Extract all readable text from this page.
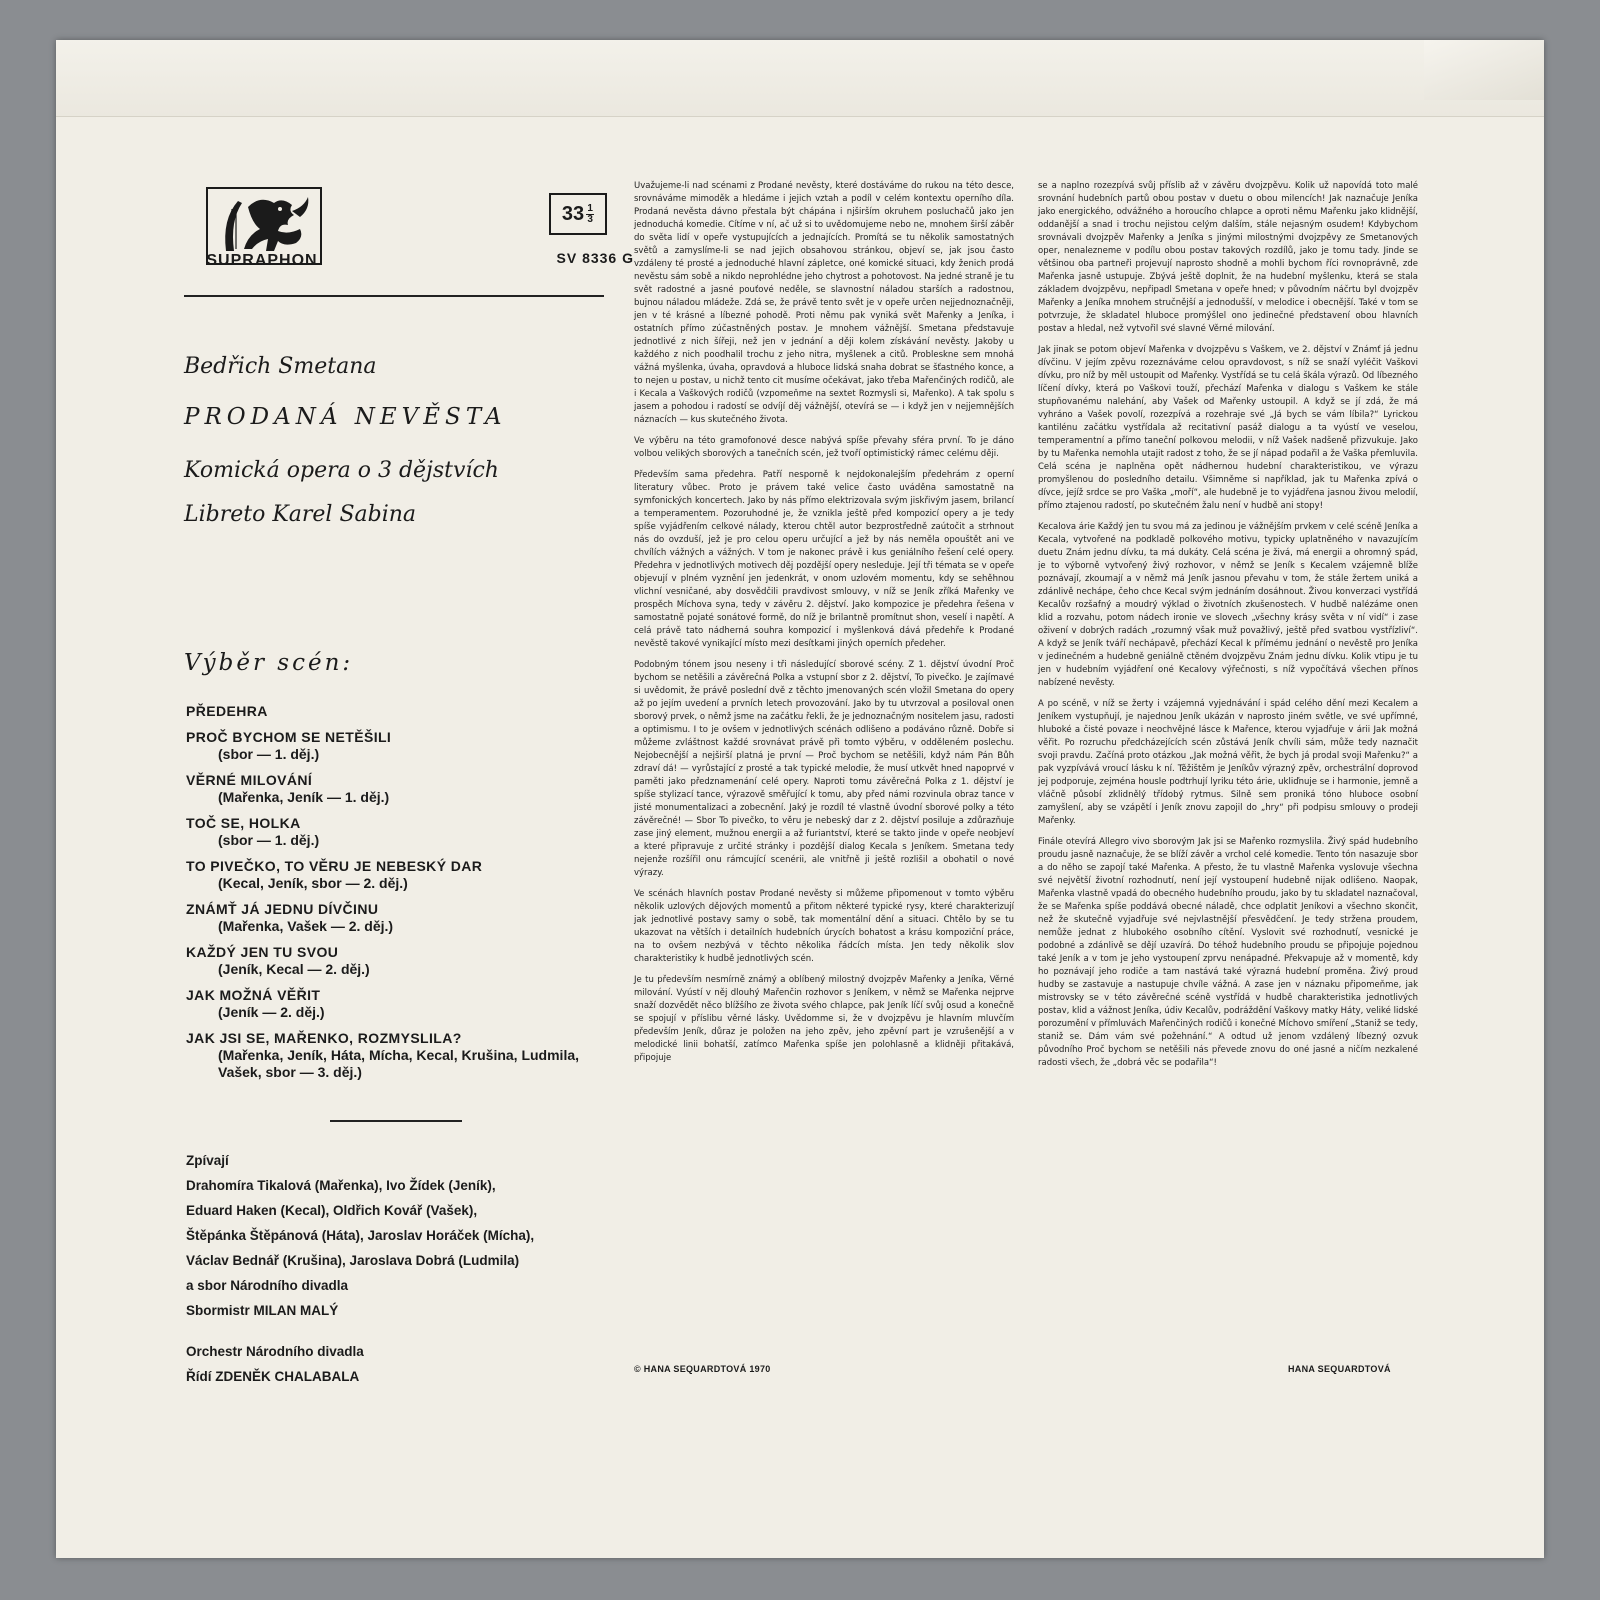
SUPRAPHON
$33 \frac{1}{3}$
SV 8336 G
Bedřich Smetana
PRODANÁ NEVĚSTA
Komická opera o 3 dějstvích
Libreto Karel Sabina
Výběr scén:
PŘEDEHRA
PROČ BYCHOM SE NETĚŠILI
(sbor — 1. děj.)
VĚRNÉ MILOVÁNÍ
(Mařenka, Jeník — 1. děj.)
TOČ SE, HOLKA
(sbor — 1. děj.)
TO PIVEČKO, TO VĚRU JE NEBESKÝ DAR
(Kecal, Jeník, sbor — 2. děj.)
ZNÁMŤ JÁ JEDNU DÍVČINU
(Mařenka, Vašek — 2. děj.)
KAŽDÝ JEN TU SVOU
(Jeník, Kecal — 2. děj.)
JAK MOŽNÁ VĚŘIT
(Jeník — 2. děj.)
JAK JSI SE, MAŘENKO, ROZMYSLILA?
(Mařenka, Jeník, Háta, Mícha, Kecal, Krušina, Ludmila, Vašek, sbor — 3. děj.)
Zpívají
Drahomíra Tikalová (Mařenka), Ivo Žídek (Jeník),
Eduard Haken (Kecal), Oldřich Kovář (Vašek),
Štěpánka Štěpánová (Háta), Jaroslav Horáček (Mícha),
Václav Bednář (Krušina), Jaroslava Dobrá (Ludmila)
a sbor Národního divadla
Sbormistr MILAN MALÝ
Orchestr Národního divadla
Řídí ZDENĚK CHALABALA

Uvažujeme-li nad scénami z Prodané nevěsty, které dostáváme do rukou na této desce, srovnáváme mimoděk a hledáme i jejich vztah a podíl v celém kontextu operního díla. Prodaná nevěsta dávno přestala být chápána i njširším okruhem posluchačů jako jen jednoduchá komedie. Cítíme v ní, ač už si to uvědomujeme nebo ne, mnohem širší záběr do světa lidí v opeře vystupujících a jednajících. Promítá se tu několik samostatných světů a zamyslíme-li se nad jejich obsahovou stránkou, objeví se, jak jsou často vzdáleny té prosté a jednoduché hlavní zápletce, oné komické situaci, kdy ženich prodá nevěstu sám sobě a nikdo neprohlédne jeho chytrost a pohotovost. Na jedné straně je tu svět radostné a jasné pouťové neděle, se slavnostní náladou starších a radostnou, bujnou náladou mládeže. Zdá se, že právě tento svět je v opeře určen nejjednoznačněji, jen v té krásné a líbezné pohodě. Proti němu pak vyniká svět Mařenky a Jeníka, i ostatních přímo zúčastněných postav. Je mnohem vážnější. Smetana představuje jednotlivé z nich šířeji, než jen v jednání a ději kolem získávání nevěsty. Jakoby u každého z nich poodhalil trochu z jeho nitra, myšlenek a citů. Problesknе sem mnohá vážná myšlenka, úvaha, opravdová a hluboce lidská snaha dobrat se šťastného konce, a to nejen u postav, u nichž tento cit musíme očekávat, jako třeba Mařenčiných rodičů, ale i Kecala a Vaškových rodičů (vzpomeňme na sextet Rozmysli si, Mařenko). A tak spolu s jasem a pohodou i radostí se odvíjí děj vážnější, otevírá se — i když jen v nejjemnějších náznacích — kus skutečného života.

Ve výběru na této gramofonové desce nabývá spíše převahy sféra první. To je dáno volbou velikých sborových a tanečních scén, jež tvoří optimistický rámec celému ději.

Především sama předehra. Patří nesporně k nejdokonalejším předehrám z operní literatury vůbec. Proto je právem také velice často uváděna samostatně na symfonických koncertech. Jako by nás přímo elektrizovala svým jiskřivým jasem, brilancí a temperamentem. Pozoruhodné je, že vznikla ještě před kompozicí opery a je tedy spíše vyjádřením celkové nálady, kterou chtěl autor bezprostředně zaútočit a strhnout nás do ovzduší, jež je pro celou operu určující a jež by nás neměla opouštět ani ve chvílích vážných a vážných. V tom je nakonec právě i kus geniálního řešení celé opery. Předehra v jednotlivých motivech děj pozdější opery nesleduje. Její tři témata se v opeře objevují v plném vyznění jen jedenkrát, v onom uzlovém momentu, kdy se sehěhnou vlichní vesničané, aby dosvědčili pravdivost smlouvy, v níž se Jeník zříká Mařenky ve prospěch Míchova syna, tedy v závěru 2. dějství. Jako kompozice je předehra řešena v samostatně pojaté sonátové formě, do níž je brilantně promítnut shon, veselí i napětí. A celá právě tato nádherná souhra kompozicí i myšlenková dává předehře k Prodané nevěstě takové vynikající místo mezi desítkami jiných operních předeher.

Podobným tónem jsou neseny i tři následující sborové scény. Z 1. dějství úvodní Proč bychom se netěšili a závěrečná Polka a vstupní sbor z 2. dějství, To pivečko. Je zajímavé si uvědomit, že právě poslední dvě z těchto jmenovaných scén vložil Smetana do opery až po jejím uvedení a prvních letech provozování. Jako by tu utvrzoval a posiloval onen sborový prvek, o němž jsme na začátku řekli, že je jednoznačným nositelem jasu, radosti a optimismu. I to je ovšem v jednotlivých scénách odlišeno a podáváno různě. Dobře si můžeme zvláštnost každé srovnávat právě při tomto výběru, v odděleném poslechu. Nejobecnější a nejširší platná je první — Proč bychom se netěšili, když nám Pán Bůh zdraví dá! — vyrůstající z prosté a tak typické melodie, že musí utkvět hned napoprvé v paměti jako předznamenání celé opery. Naproti tomu závěrečná Polka z 1. dějství je spíše stylizací tance, výrazově směřující k tomu, aby před námi rozvinula obraz tance v jisté monumentalizaci a zobecnění. Jaký je rozdíl té vlastně úvodní sborové polky a této závěrečné! — Sbor To pivečko, to věru je nebeský dar z 2. dějství posiluje a zdůrazňuje zase jiný element, mužnou energii a až furiantství, které se takto jinde v opeře neobjeví a které připravuje z určité stránky i pozdější dialog Kecala s Jeníkem. Smetana tedy nejenže rozšířil onu rámcující scenérii, ale vnitřně ji ještě rozlišil a obohatil o nové výrazy.

Ve scénách hlavních postav Prodané nevěsty si můžeme připomenout v tomto výběru několik uzlových dějových momentů a přitom některé typické rysy, které charakterizují jak jednotlivé postavy samy o sobě, tak momentální dění a situaci. Chtělo by se tu ukazovat na větších i detailních hudebních úrycích bohatost a krásu kompoziční práce, na to ovšem nezbývá v těchto několika řádcích místa. Jen tedy několik slov charakteristiky k hudbě jednotlivých scén.

Je tu především nesmírně známý a oblíbený milostný dvojzpěv Mařenky a Jeníka, Věrné milování. Vyústí v něj dlouhý Mařenčin rozhovor s Jeníkem, v němž se Mařenka nejprve snaží dozvědět něco blížšího ze života svého chlapce, pak Jeník líčí svůj osud a konečně se spojují v příslibu věrné lásky. Uvědomme si, že v dvojzpěvu je hlavním mluvčím především Jeník, důraz je položen na jeho zpěv, jeho zpěvní part je vzrušenější a v melodické linii bohatší, zatímco Mařenka spíše jen polohlasně a klidněji přitakává, připojuje

se a naplno rozezpívá svůj příslib až v závěru dvojzpěvu. Kolik už napovídá toto malé srovnání hudebních partů obou postav v duetu o obou milencích! Jak naznačuje Jeníka jako energického, odvážného a horoucího chlapce a oproti němu Mařenku jako klidnější, oddanější a snad i trochu nejistou celým dalším, stále nejasným osudem! Kdybychom srovnávali dvojzpěv Mařenky a Jeníka s jinými milostnými dvojzpěvy ze Smetanových oper, nenalezneme v podílu obou postav takových rozdílů, jako je tomu tady. Jinde se většinou oba partneři projevují naprosto shodně a mohli bychom říci rovnoprávně, zde Mařenka jasně ustupuje. Zbývá ještě doplnit, že na hudební myšlenku, která se stala základem dvojzpěvu, nepřipadl Smetana v opeře hned; v původním náčrtu byl dvojzpěv Mařenky a Jeníka mnohem stručnější a jednodušší, v melodice i obecnější. Také v tom se potvrzuje, že skladatel hluboce promýšlel ono jedinečné představení obou hlavních postav a hledal, než vytvořil své slavné Věrné milování.

Jak jinak se potom objeví Mařenka v dvojzpěvu s Vaškem, ve 2. dějství v Známť já jednu dívčinu. V jejím zpěvu rozeznáváme celou opravdovost, s níž se snaží vyléčit Vaškovi dívku, pro níž by měl ustoupit od Mařenky. Vystřídá se tu celá škála výrazů. Od líbezného líčení dívky, která po Vaškovi touží, přechází Mařenka v dialogu s Vaškem ke stále stupňovanému nalehání, aby Vašek od Mařenky ustoupil. A když se jí zdá, že má vyhráno a Vašek povolí, rozezpívá a rozehraje své „Já bych se vám líbila?“ Lyrickou kantilénu začátku vystřídala až recitativní pasáž dialogu a ta vyústí ve veselou, temperamentní a přímo taneční polkovou melodii, v níž Vašek nadšeně přizvukuje. Jako by tu Mařenka nemohla utajit radost z toho, že se jí nápad podařil a že Vaška přemluvila. Celá scéna je naplněna opět nádhernou hudební charakteristikou, ve výrazu promyšlenou do posledního detailu. Všimněme si například, jak tu Mařenka zpívá o dívce, jejíž srdce se pro Vaška „moří“, ale hudebně je to vyjádřena jasnou živou melodií, přímo ztajenou radostí, po skutečném žalu není v hudbě ani stopy!

Kecalova árie Každý jen tu svou má za jedinou je vážnějším prvkem v celé scéně Jeníka a Kecala, vytvořené na podkladě polkového motivu, typicky uplatněného v navazujícím duetu Znám jednu dívku, ta má dukáty. Celá scéna je živá, má energii a ohromný spád, je to výborně vytvořený živý rozhovor, v němž se Jeník s Kecalem vzájemně blíže poznávají, zkoumají a v němž má Jeník jasnou převahu v tom, že stále žertem uniká a zdánlivě nechápe, čeho chce Kecal svým jednáním dosáhnout. Živou konverzaci vystřídá Kecalův rozšafný a moudrý výklad o životních zkušenostech. V hudbě nalézáme onen klid a rozvahu, potom nádech ironie ve slovech „všechny krásy světa v ní vidí“ i zase oživení v dobrých radách „rozumný však muž považlivý, ještě před svatbou vystřízliví“. A když se Jeník tváří nechápavě, přechází Kecal k přímému jednání o nevěstě pro Jeníka v jedinečném a hudebně geniálně ctěném dvojzpěvu Znám jednu dívku. Kolik vtipu je tu jen v hudebním vyjádření oné Kecalovy výřečnosti, s níž vypočítává všechen přínos nabízené nevěsty.

A po scéně, v níž se žerty i vzájemná vyjednávání i spád celého dění mezi Kecalem a Jeníkem vystupňují, je najednou Jeník ukázán v naprosto jiném světle, ve své upřímné, hluboké a čisté povaze i neochvějné lásce k Mařence, kterou vyjadřuje v árii Jak možná věřit. Po rozruchu předcházejících scén zůstává Jeník chvíli sám, může tedy naznačit svoji pravdu. Začíná proto otázkou „Jak možná věřit, že bych já prodal svoji Mařenku?“ a pak vyzpívává vroucí lásku k ní. Těžištěm je Jeníkův výrazný zpěv, orchestrální doprovod jej podporuje, zejména housle podtrhují lyriku této árie, ukliďnuje se i harmonie, jemně a vláčně působí zklidnělý třídobý rytmus. Silně sem proniká tóno hluboce osobní zamyšlení, aby se vzápětí i Jeník znovu zapojil do „hry“ při podpisu smlouvy o prodeji Mařenky.

Finále otevírá Allegro vivo sborovým Jak jsi se Mařenko rozmyslila. Živý spád hudebního proudu jasně naznačuje, že se blíží závěr a vrchol celé komedie. Tento tón nasazuje sbor a do něho se zapojí také Mařenka. A přesto, že tu vlastně Mařenka vyslovuje všechna své největší životní rozhodnutí, není její vystoupení hudebně nijak odlišeno. Naopak, Mařenka vlastně vpadá do obecného hudebního proudu, jako by tu skladatel naznačoval, že se Mařenka spíše poddává obecné náladě, chce odplatit Jeníkovi a všechno skončit, než že skutečně vyjadřuje své nejvlastnější přesvědčení. Je tedy stržena proudem, nemůže jednat z hlubokého osobního cítění. Vyslovit své rozhodnutí, vesnické je podobné a zdánlivě se dějí uzavírá. Do téhož hudebního proudu se připojuje pojednou také Jeník a v tom je jeho vystoupení zprvu nenápadné. Překvapuje až v momentě, kdy ho poznávají jeho rodiče a tam nastává také výrazná hudební proměna. Živý proud hudby se zastavuje a nastupuje chvíle vážná. A zase jen v náznaku připomeňme, jak mistrovsky se v této závěrečné scéně vystřídá v hudbě charakteristika jednotlivých postav, klid a vážnost Jeníka, údiv Kecalův, podráždění Vaškovy matky Háty, veliké lidské porozumění v přímluvách Mařenčiných rodičů i konečné Míchovo smíření „Staniž se tedy, staniž se. Dám vám své požehnání.“ A odtud už jenom vzdálený líbezný ozvuk původního Proč bychom se netěšili nás převede znovu do oné jasné a ničím nezkalené radosti všech, že „dobrá věc se podařila“!

© HANA SEQUARDTOVÁ 1970	HANA SEQUARDTOVÁ
